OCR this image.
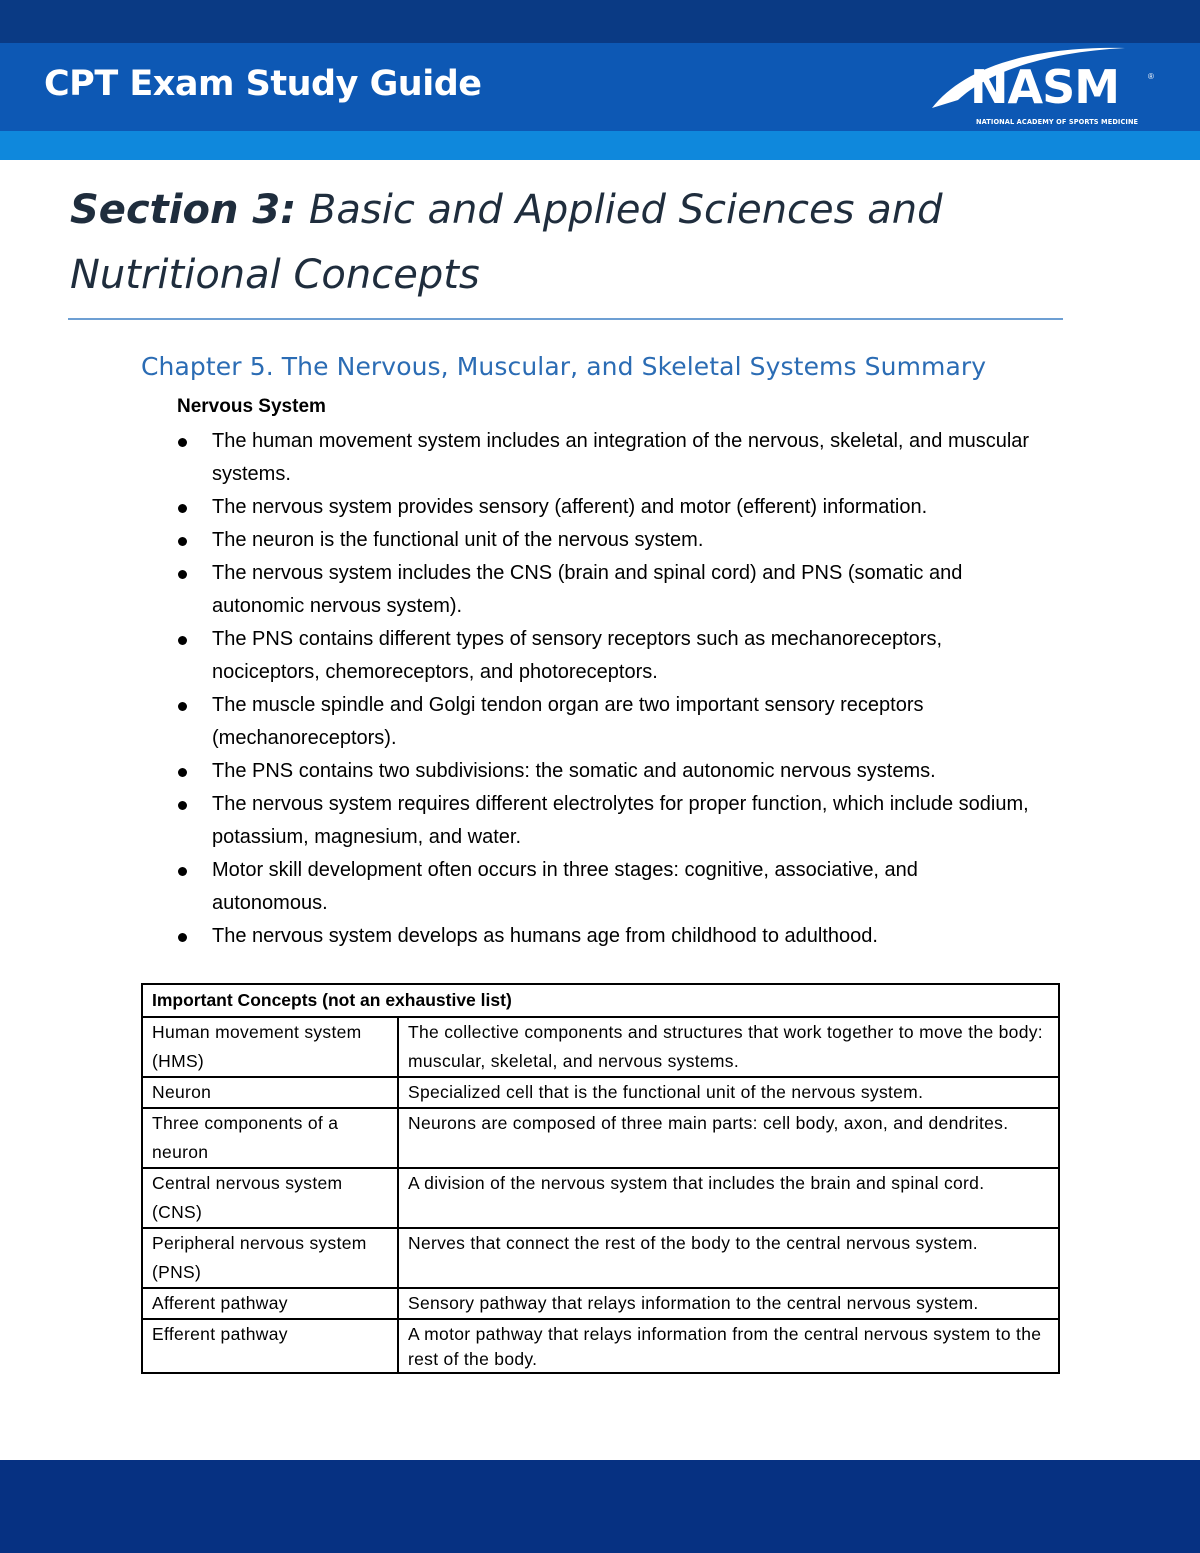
CPT Exam Study Guide	NASM	®
NATIONAL ACADEMY OF SPORTS MEDICINE
Section 3: Basic and Applied Sciences and Nutritional Concepts
Chapter 5. The Nervous, Muscular, and Skeletal Systems Summary
Nervous System
The human movement system includes an integration of the nervous, skeletal, and muscular systems.
The nervous system provides sensory (afferent) and motor (efferent) information.
The neuron is the functional unit of the nervous system.
The nervous system includes the CNS (brain and spinal cord) and PNS (somatic and autonomic nervous system).
The PNS contains different types of sensory receptors such as mechanoreceptors, nociceptors, chemoreceptors, and photoreceptors.
The muscle spindle and Golgi tendon organ are two important sensory receptors (mechanoreceptors).
The PNS contains two subdivisions: the somatic and autonomic nervous systems.
The nervous system requires different electrolytes for proper function, which include sodium, potassium, magnesium, and water.
Motor skill development often occurs in three stages: cognitive, associative, and autonomous.
The nervous system develops as humans age from childhood to adulthood.
Important Concepts (not an exhaustive list)	
Human movement system (HMS)	The collective components and structures that work together to move the body: muscular, skeletal, and nervous systems.
Neuron	Specialized cell that is the functional unit of the nervous system.
Three components of a neuron	Neurons are composed of three main parts: cell body, axon, and dendrites.
Central nervous system (CNS)	A division of the nervous system that includes the brain and spinal cord.
Peripheral nervous system (PNS)	Nerves that connect the rest of the body to the central nervous system.
Afferent pathway	Sensory pathway that relays information to the central nervous system.
Efferent pathway	A motor pathway that relays information from the central nervous system to the rest of the body.
